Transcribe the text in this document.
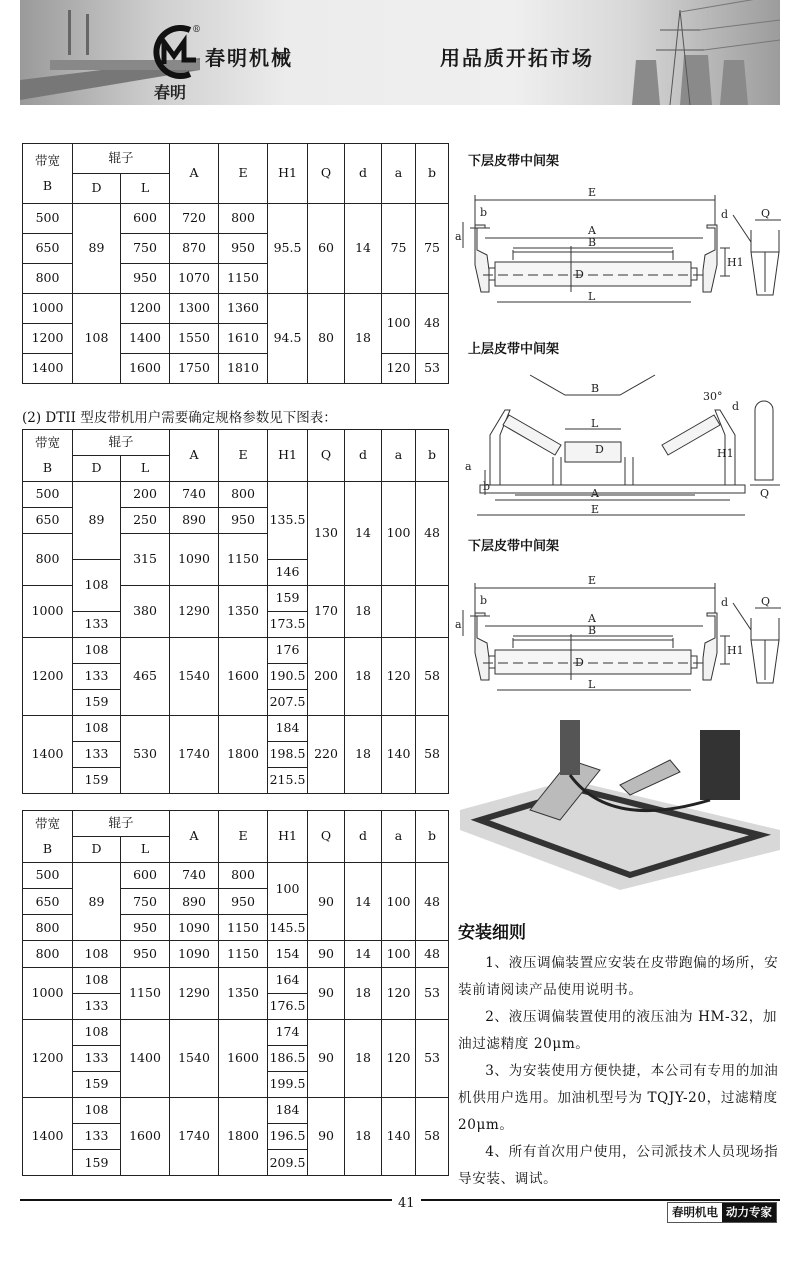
®
春明
春明机械	用品质开拓市场
带宽

B	辊子		A	E	H1	Q	d	a	b
	D	L							
500	89	600	720	800	95.5	60	14	75	75
650		750	870	950					
800		950	1070	1150					
1000	108	1200	1300	1360	94.5	80	18	100	48
1200		1400	1550	1610					
1400		1600	1750	1810				120	53
(2) DTII 型皮带机用户需要确定规格参数见下图表：
带宽

B	辊子		A	E	H1	Q	d	a	b
	D	L							
500	89	200	740	800	135.5	130	14	100	48
650		250	890	950					
800		315	1090	1150					
	108				146				
1000		380	1290	1350	159	170	18		
	133				173.5				
1200	108	465	1540	1600	176	200	18	120	58
	133				190.5				
	159				207.5				
1400	108	530	1740	1800	184	220	18	140	58
	133				198.5				
	159				215.5				
带宽

B	辊子		A	E	H1	Q	d	a	b
	D	L							
500	89	600	740	800	100	90	14	100	48
650		750	890	950					
800		950	1090	1150	145.5				
800	108	950	1090	1150	154	90	14	100	48
1000	108	1150	1290	1350	164	90	18	120	53
	133				176.5				
1200	108	1400	1540	1600	174	90	18	120	53
	133				186.5				
	159				199.5				
1400	108	1600	1740	1800	184	90	18	140	58
	133				196.5				
	159				209.5				
下层皮带中间架
上层皮带中间架
下层皮带中间架
E
A
B
D
L
H1
a
b	d	Q
E
A
B
D
L
H1
a
b	d	Q
B
L
D
30°
H1
A
E
a
b
d
Q
安装细则

1、液压调偏装置应安装在皮带跑偏的场所，安装前请阅读产品使用说明书。

2、液压调偏装置使用的液压油为 HM-32，加油过滤精度 20μm。

3、为安装使用方便快捷，本公司有专用的加油机供用户选用。加油机型号为 TQJY-20，过滤精度 20μm。

4、所有首次用户使用，公司派技术人员现场指导安装、调试。

41
春明机电 动力专家
